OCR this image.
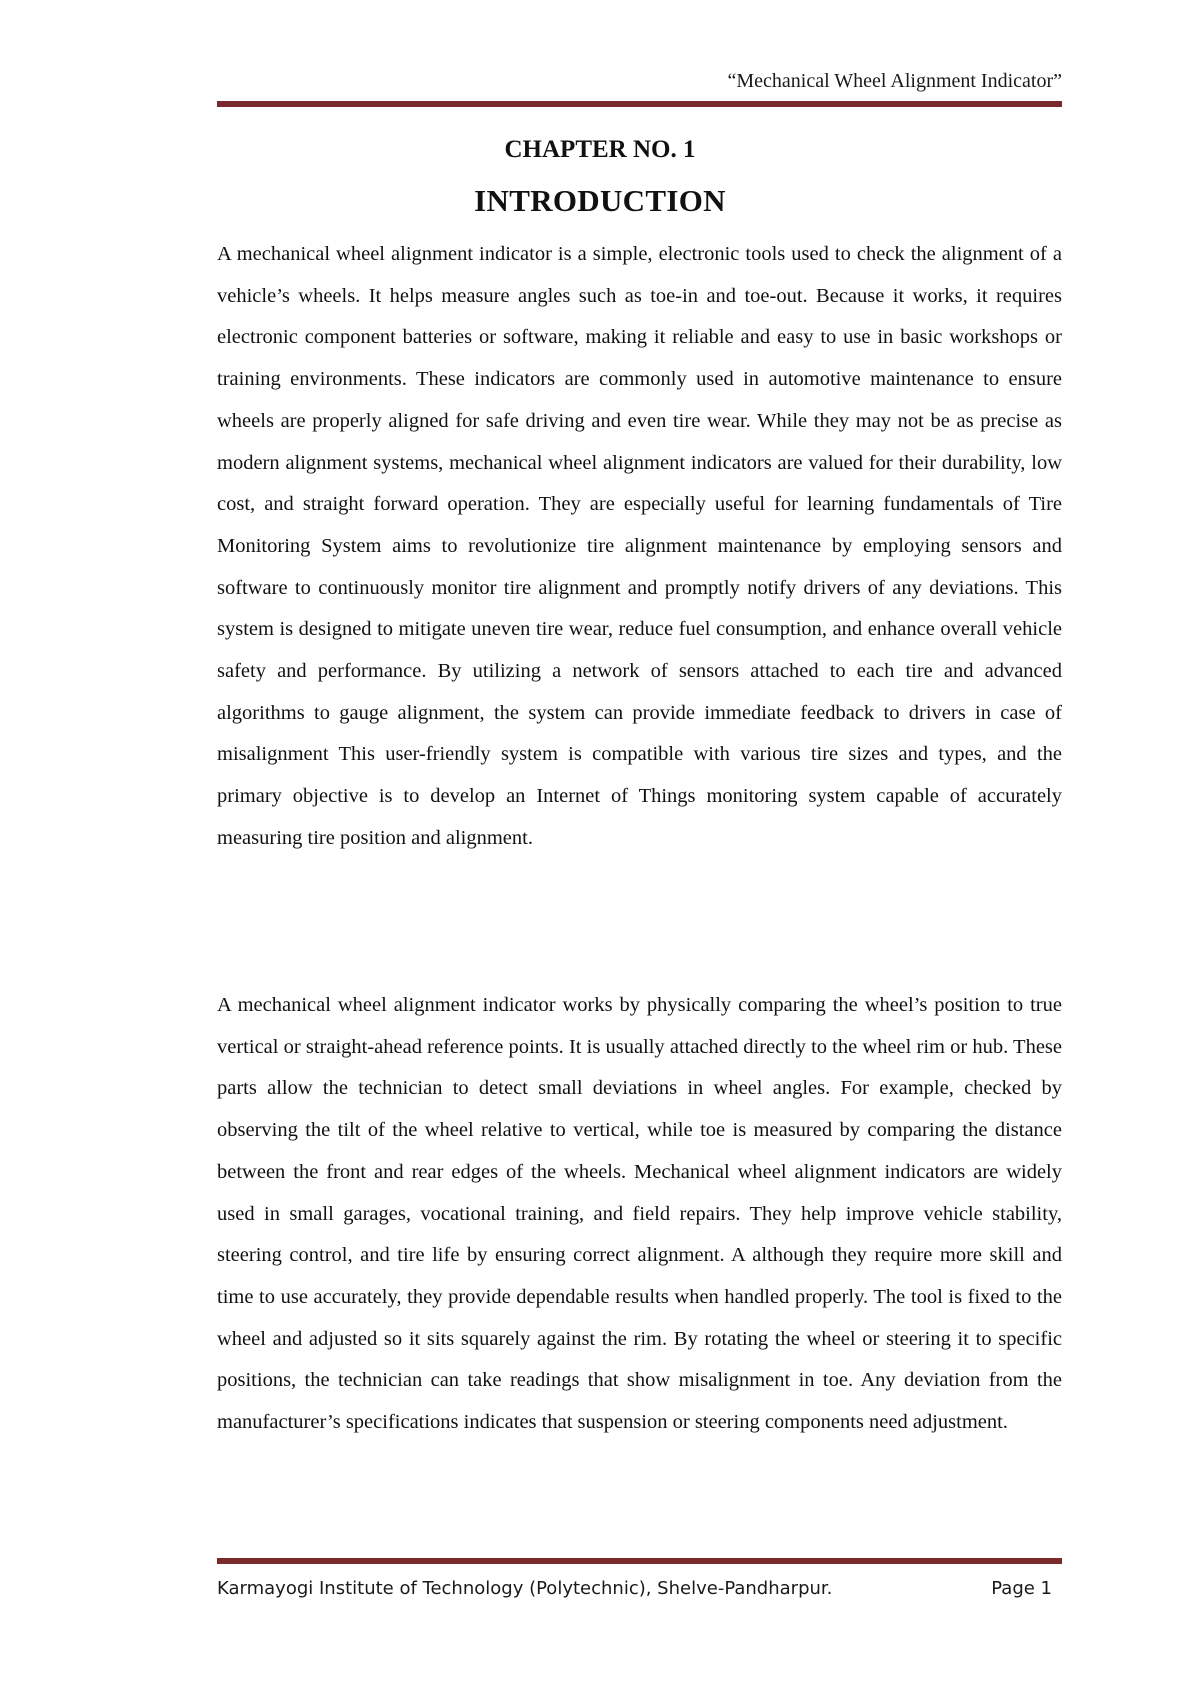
“Mechanical Wheel Alignment Indicator”
CHAPTER NO. 1
INTRODUCTION

A mechanical wheel alignment indicator is a simple, electronic tools used to check the alignment of a vehicle’s wheels. It helps measure angles such as toe-in and toe-out. Because it works, it requires electronic component batteries or software, making it reliable and easy to use in basic workshops or training environments. These indicators are commonly used in automotive maintenance to ensure wheels are properly aligned for safe driving and even tire wear. While they may not be as precise as modern alignment systems, mechanical wheel alignment indicators are valued for their durability, low cost, and straight forward operation. They are especially useful for learning fundamentals of Tire Monitoring System aims to revolutionize tire alignment maintenance by employing sensors and software to continuously monitor tire alignment and promptly notify drivers of any deviations. This system is designed to mitigate uneven tire wear, reduce fuel consumption, and enhance overall vehicle safety and performance. By utilizing a network of sensors attached to each tire and advanced algorithms to gauge alignment, the system can provide immediate feedback to drivers in case of misalignment This user-friendly system is compatible with various tire sizes and types, and the primary objective is to develop an Internet of Things monitoring system capable of accurately measuring tire position and alignment.

A mechanical wheel alignment indicator works by physically comparing the wheel’s position to true vertical or straight-ahead reference points. It is usually attached directly to the wheel rim or hub. These parts allow the technician to detect small deviations in wheel angles. For example, checked by observing the tilt of the wheel relative to vertical, while toe is measured by comparing the distance between the front and rear edges of the wheels. Mechanical wheel alignment indicators are widely used in small garages, vocational training, and field repairs. They help improve vehicle stability, steering control, and tire life by ensuring correct alignment. A although they require more skill and time to use accurately, they provide dependable results when handled properly. The tool is fixed to the wheel and adjusted so it sits squarely against the rim. By rotating the wheel or steering it to specific positions, the technician can take readings that show misalignment in toe. Any deviation from the manufacturer’s specifications indicates that suspension or steering components need adjustment.

Karmayogi Institute of Technology (Polytechnic), Shelve-Pandharpur.	Page 1
